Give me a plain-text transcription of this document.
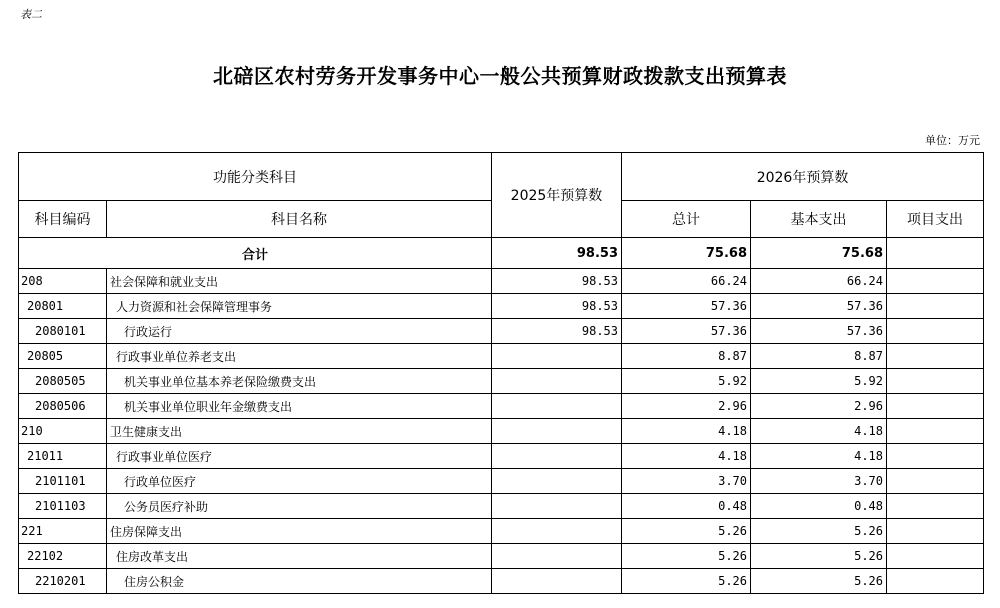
表二
北碚区农村劳务开发事务中心一般公共预算财政拨款支出预算表
单位：万元
功能分类科目		2025年预算数	2026年预算数		
科目编码	科目名称		总计	基本支出	项目支出
合计		98.53	75.68	75.68	
208	社会保障和就业支出	98.53	66.24	66.24	
20801	人力资源和社会保障管理事务	98.53	57.36	57.36	
2080101	行政运行	98.53	57.36	57.36	
20805	行政事业单位养老支出		8.87	8.87	
2080505	机关事业单位基本养老保险缴费支出		5.92	5.92	
2080506	机关事业单位职业年金缴费支出		2.96	2.96	
210	卫生健康支出		4.18	4.18	
21011	行政事业单位医疗		4.18	4.18	
2101101	行政单位医疗		3.70	3.70	
2101103	公务员医疗补助		0.48	0.48	
221	住房保障支出		5.26	5.26	
22102	住房改革支出		5.26	5.26	
2210201	住房公积金		5.26	5.26	
